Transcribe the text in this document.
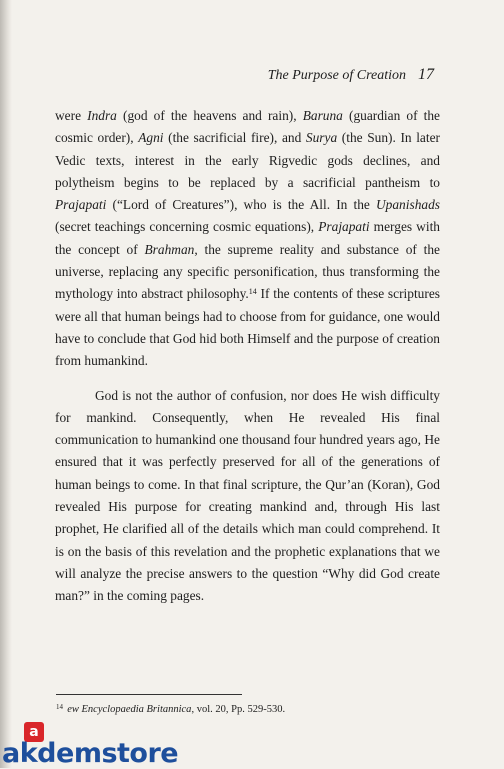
The Purpose of Creation 17

were Indra (god of the heavens and rain), Baruna (guardian of the cosmic order), Agni (the sacrificial fire), and Surya (the Sun). In later Vedic texts, interest in the early Rigvedic gods declines, and polytheism begins to be replaced by a sacrificial pantheism to Prajapati (“Lord of Creatures”), who is the All. In the Upanishads (secret teachings concerning cosmic equations), Prajapati merges with the concept of Brahman, the supreme reality and substance of the universe, replacing any specific personification, thus transforming the mythology into abstract philosophy.$^{14}$ If the contents of these scriptures were all that human beings had to choose from for guidance, one would have to conclude that God hid both Himself and the purpose of creation from humankind.

God is not the author of confusion, nor does He wish difficulty for mankind. Consequently, when He revealed His final communication to humankind one thousand four hundred years ago, He ensured that it was perfectly preserved for all of the generations of human beings to come. In that final scripture, the Qur’an (Koran), God revealed His purpose for creating mankind and, through His last prophet, He clarified all of the details which man could comprehend. It is on the basis of this revelation and the prophetic explanations that we will analyze the precise answers to the question “Why did God create man?” in the coming pages.

$^{14}$   ew Encyclopaedia Britannica, vol. 20, Pp. 529-530.
a
akdemstore
